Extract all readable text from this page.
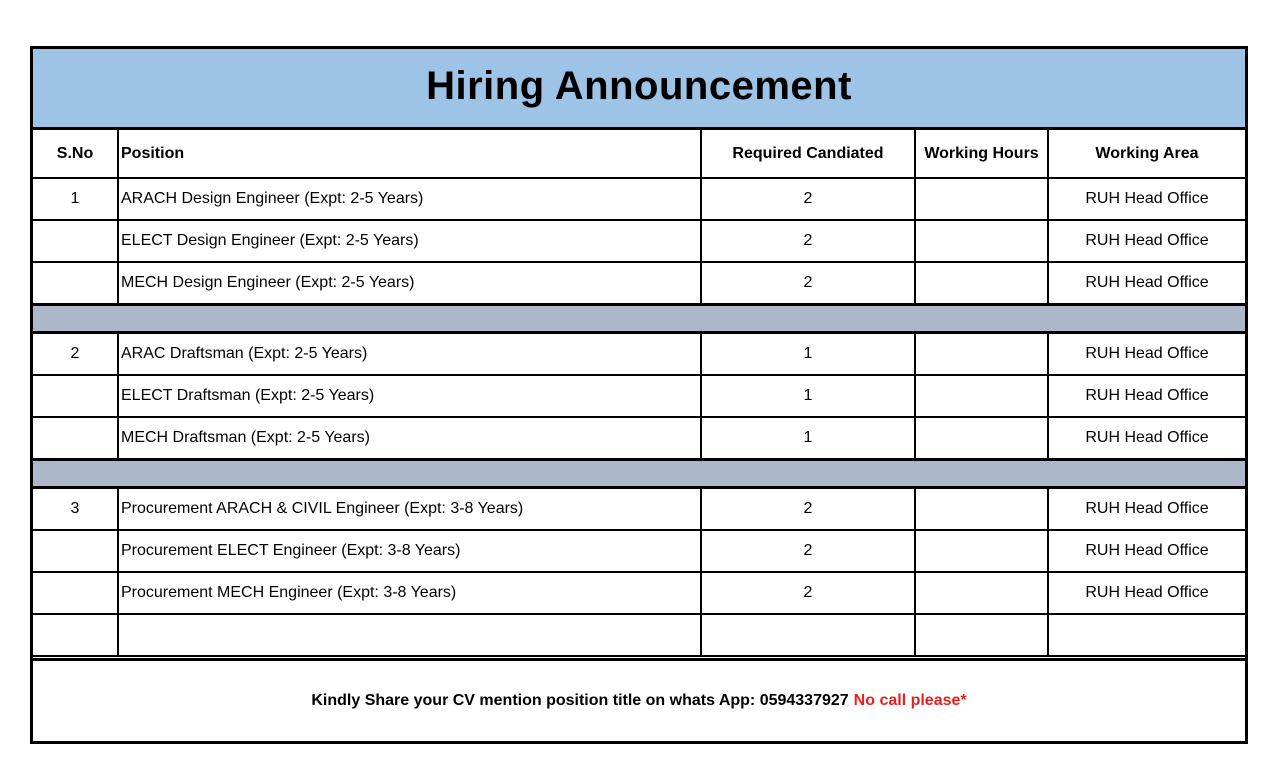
Hiring Announcement
S.No	Position	Required Candiated	Working Hours	Working Area
1	ARACH Design Engineer (Expt: 2-5 Years)	2		RUH Head Office
	ELECT Design Engineer (Expt: 2-5 Years)	2		RUH Head Office
	MECH Design Engineer (Expt: 2-5 Years)	2		RUH Head Office

2	ARAC Draftsman (Expt: 2-5 Years)	1		RUH Head Office
	ELECT Draftsman (Expt: 2-5 Years)	1		RUH Head Office
	MECH Draftsman (Expt: 2-5 Years)	1		RUH Head Office

3	Procurement ARACH & CIVIL Engineer (Expt: 3-8 Years)	2		RUH Head Office
	Procurement ELECT Engineer (Expt: 3-8 Years)	2		RUH Head Office
	Procurement MECH Engineer (Expt: 3-8 Years)	2		RUH Head Office

Kindly Share your CV mention position title on whats App: 0594337927 No call please*
